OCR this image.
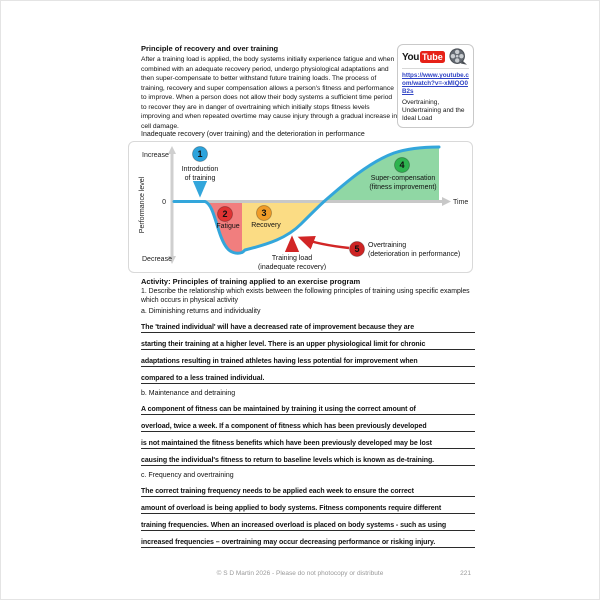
Principle of recovery and over training
After a training load is applied, the body systems initially experience fatigue and when combined with an adequate recovery period, undergo physiological adaptations and then super-compensate to better withstand future training loads. The process of training, recovery and super compensation allows a person's fitness and performance to improve. When a person does not allow their body systems a sufficient time period to recover they are in danger of overtraining which initially stops fitness levels improving and when repeated overtime may cause injury through a gradual increase in cell damage.
You Tube
https://www.youtube.com/watch?v=-xMlQO0B2s
Overtraining, Undertraining and the Ideal Load
Inadequate recovery (over training) and the deterioration in performance
1
2	3
4
5
Introduction
of training
Fatigue Recovery
Super-compensation
(fitness improvement)
Overtraining
(deterioration in performance)
Training load
(inadequate recovery)
Increase
Decrease
0	Time
Performance level
Activity: Principles of training applied to an exercise program
1. Describe the relationship which exists between the following principles of training using specific examples which occurs in physical activity
a. Diminishing returns and individuality
The 'trained individual' will have a decreased rate of improvement because they are
starting their training at a higher level. There is an upper physiological limit for chronic
adaptations resulting in trained athletes having less potential for improvement when
compared to a less trained individual.
b. Maintenance and detraining
A component of fitness can be maintained by training it using the correct amount of
overload, twice a week. If a component of fitness which has been previously developed
is not maintained the fitness benefits which have been previously developed may be lost
causing the individual's fitness to return to baseline levels which is known as de-training.
c. Frequency and overtraining
The correct training frequency needs to be applied each week to ensure the correct
amount of overload is being applied to body systems. Fitness components require different
training frequencies. When an increased overload is placed on body systems - such as using
increased frequencies – overtraining may occur decreasing performance or risking injury.
© S D Martin 2026 - Please do not photocopy or distribute	221
